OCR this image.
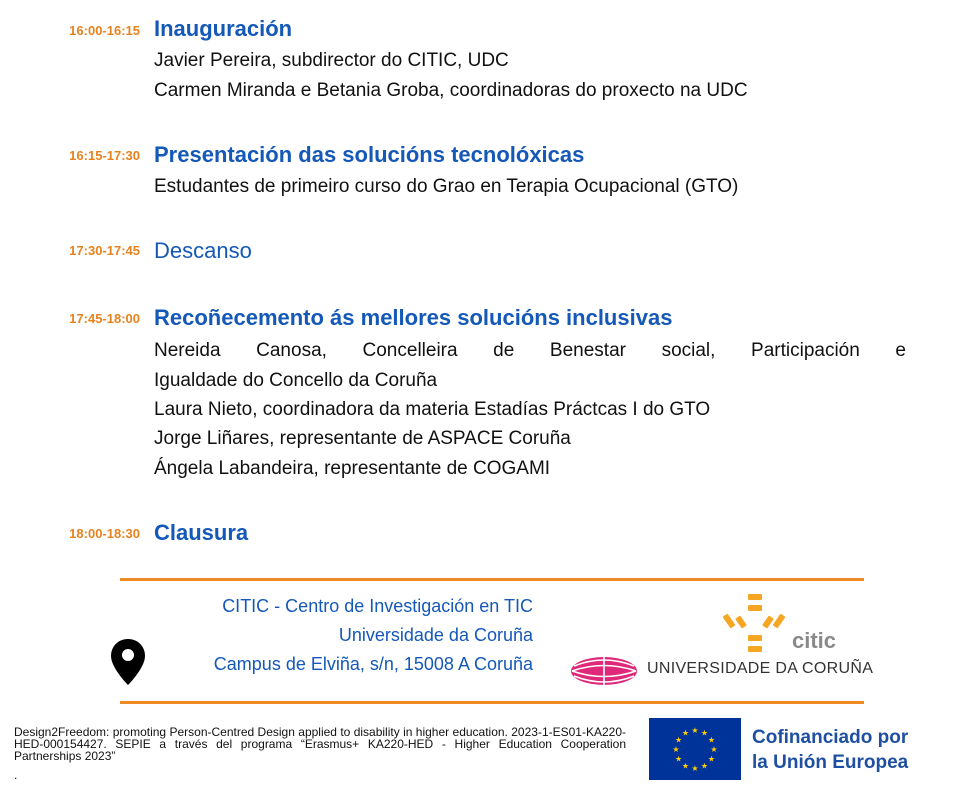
16:00-16:15 Inauguración
Javier Pereira, subdirector do CITIC, UDC
Carmen Miranda e Betania Groba, coordinadoras do proxecto na UDC
16:15-17:30 Presentación das solucións tecnolóxicas
Estudantes de primeiro curso do Grao en Terapia Ocupacional (GTO)
17:30-17:45 Descanso
17:45-18:00 Recoñecemento ás mellores solucións inclusivas
Nereida Canosa, Concelleira de Benestar social, Participación e
Igualdade do Concello da Coruña
Laura Nieto, coordinadora da materia Estadías Práctcas I do GTO
Jorge Liñares, representante de ASPACE Coruña
Ángela Labandeira, representante de COGAMI
18:00-18:30 Clausura
CITIC - Centro de Investigación en TIC
Universidade da Coruña
Campus de Elviña, s/n, 15008 A Coruña
citic
UNIVERSIDADE DA CORUÑA
Design2Freedom: promoting Person-Centred Design applied to disability in higher education. 2023-1-ES01-KA220-HED-000154427. SEPIE a través del programa “Erasmus+ KA220-HED - Higher Education Cooperation Partnerships 2023”
.
★ ★
★
★
★
★
★
★
★
★
★
★	Cofinanciado por
la Unión Europea
